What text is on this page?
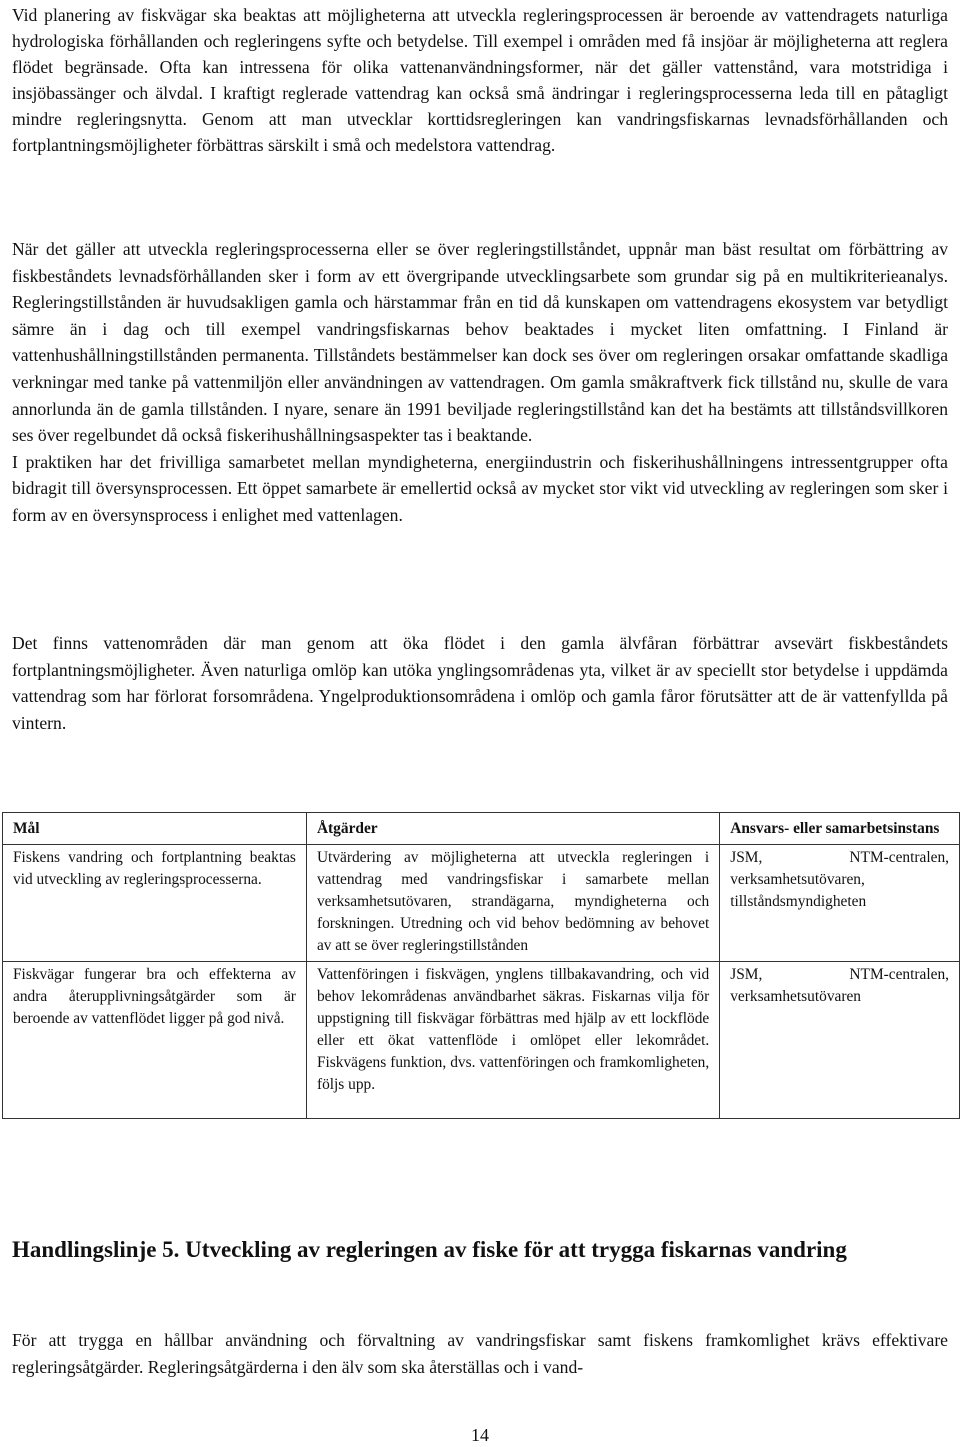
Vid planering av fiskvägar ska beaktas att möjligheterna att utveckla regleringsprocessen är beroende av vattendragets naturliga hydrologiska förhållanden och regleringens syfte och betydelse. Till exempel i områden med få insjöar är möjligheterna att reglera flödet begränsade. Ofta kan intressena för olika vattenanvändningsformer, när det gäller vattenstånd, vara motstridiga i insjöbassänger och älvdal. I kraftigt reglerade vattendrag kan också små ändringar i regleringsprocesserna leda till en påtagligt mindre regleringsnytta. Genom att man utvecklar korttidsregleringen kan vandringsfiskarnas levnadsförhållanden och fortplantningsmöjligheter förbättras särskilt i små och medelstora vattendrag.

När det gäller att utveckla regleringsprocesserna eller se över regleringstillståndet, uppnår man bäst resultat om förbättring av fiskbeståndets levnadsförhållanden sker i form av ett övergripande utvecklingsarbete som grundar sig på en multikriterieanalys. Regleringstillstånden är huvudsakligen gamla och härstammar från en tid då kunskapen om vattendragens ekosystem var betydligt sämre än i dag och till exempel vandringsfiskarnas behov beaktades i mycket liten omfattning. I Finland är vattenhushållningstillstånden permanenta. Tillståndets bestämmelser kan dock ses över om regleringen orsakar omfattande skadliga verkningar med tanke på vattenmiljön eller användningen av vattendragen. Om gamla småkraftverk fick tillstånd nu, skulle de vara annorlunda än de gamla tillstånden. I nyare, senare än 1991 beviljade regleringstillstånd kan det ha bestämts att tillståndsvillkoren ses över regelbundet då också fiskerihushållningsaspekter tas i beaktande.
I praktiken har det frivilliga samarbetet mellan myndigheterna, energiindustrin och fiskerihushållningens intressentgrupper ofta bidragit till översynsprocessen. Ett öppet samarbete är emellertid också av mycket stor vikt vid utveckling av regleringen som sker i form av en översynsprocess i enlighet med vattenlagen.

Det finns vattenområden där man genom att öka flödet i den gamla älvfåran förbättrar avsevärt fiskbeståndets fortplantningsmöjligheter. Även naturliga omlöp kan utöka ynglingsområdenas yta, vilket är av speciellt stor betydelse i uppdämda vattendrag som har förlorat forsområdena. Yngelproduktionsområdena i omlöp och gamla fåror förutsätter att de är vattenfyllda på vintern.

Mål	Åtgärder	Ansvars- eller samarbetsinstans
Fiskens vandring och fortplantning beaktas vid utveckling av regleringsprocesserna.	Utvärdering av möjligheterna att utveckla regleringen i vattendrag med vandringsfiskar i samarbete mellan verksamhetsutövaren, strandägarna, myndigheterna och forskningen. Utredning och vid behov bedömning av behovet av att se över regleringstillstånden	JSM, NTM-centralen, verksamhetsutövaren, tillståndsmyndigheten
Fiskvägar fungerar bra och effekterna av andra återupplivningsåtgärder som är beroende av vattenflödet ligger på god nivå.	Vattenföringen i fiskvägen, ynglens tillbakavandring, och vid behov lekområdenas användbarhet säkras. Fiskarnas vilja för uppstigning till fiskvägar förbättras med hjälp av ett lockflöde eller ett ökat vattenflöde i omlöpet eller lekområdet. Fiskvägens funktion, dvs. vattenföringen och framkomligheten, följs upp.	JSM, NTM-centralen, verksamhetsutövaren
Handlingslinje 5. Utveckling av regleringen av fiske för att trygga fiskarnas vandring

För att trygga en hållbar användning och förvaltning av vandringsfiskar samt fiskens framkomlighet krävs effektivare regleringsåtgärder. Regleringsåtgärderna i den älv som ska återställas och i vand-

14
